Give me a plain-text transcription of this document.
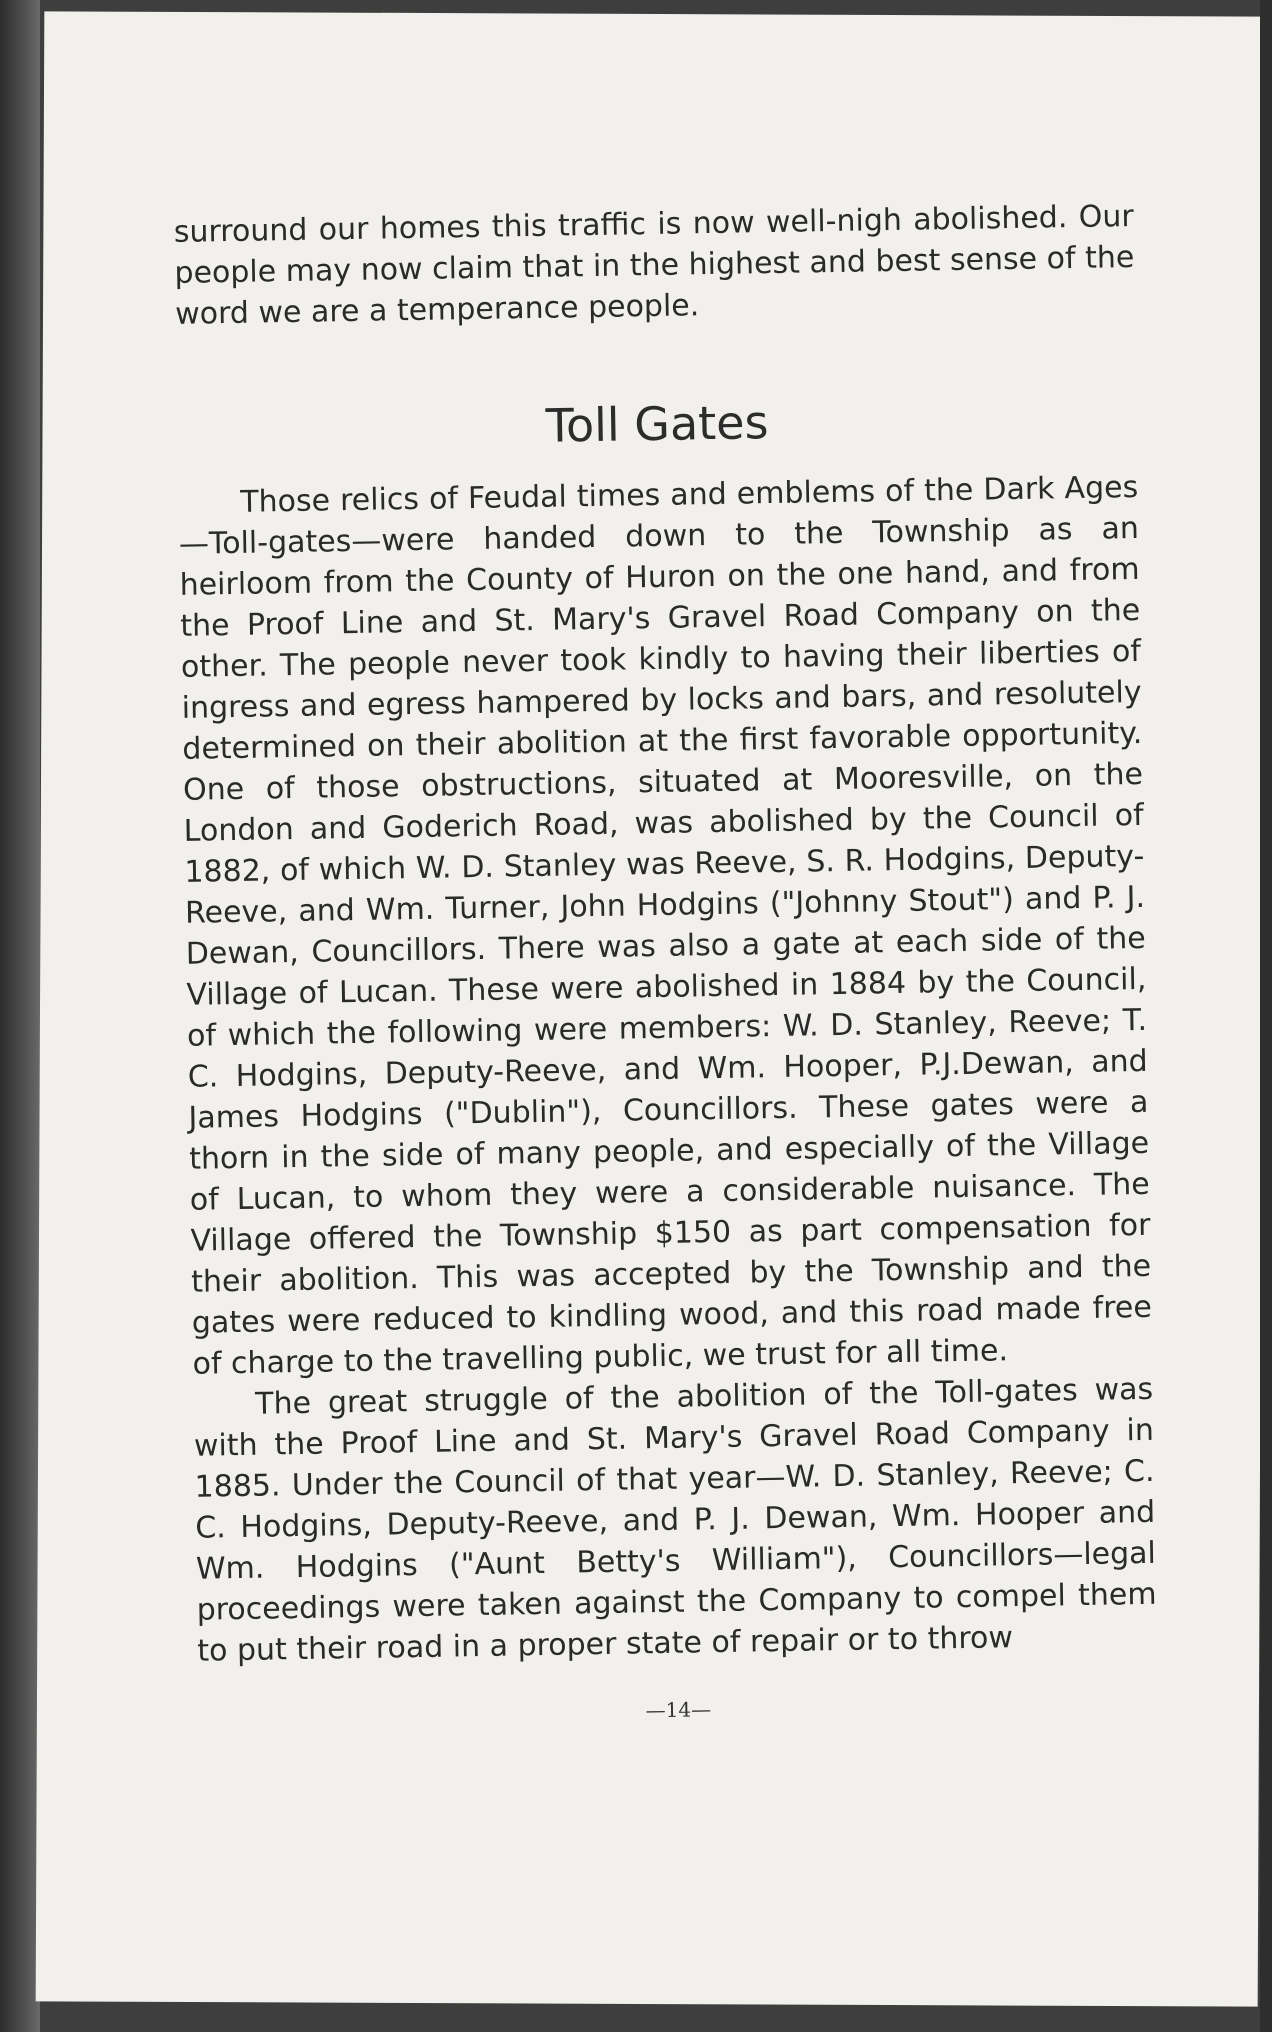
surround our homes this traffic is now well-nigh abolished. Our people may now claim that in the highest and best sense of the word we are a temperance people.

Toll Gates

Those relics of Feudal times and emblems of the Dark Ages—Toll-gates—were handed down to the Township as an heirloom from the County of Huron on the one hand, and from the Proof Line and St. Mary's Gravel Road Company on the other. The people never took kindly to having their liberties of ingress and egress hampered by locks and bars, and resolutely determined on their abolition at the first favorable opportunity. One of those obstructions, situated at Mooresville, on the London and Goderich Road, was abolished by the Council of 1882, of which W. D. Stanley was Reeve, S. R. Hodgins, Deputy-Reeve, and Wm. Turner, John Hodgins ("Johnny Stout") and P. J. Dewan, Councillors. There was also a gate at each side of the Village of Lucan. These were abolished in 1884 by the Council, of which the following were members: W. D. Stanley, Reeve; T. C. Hodgins, Deputy-Reeve, and Wm. Hooper, P.J.Dewan, and James Hodgins ("Dublin"), Councillors. These gates were a thorn in the side of many people, and especially of the Village of Lucan, to whom they were a considerable nuisance. The Village offered the Township $150 as part compensation for their abolition. This was accepted by the Township and the gates were reduced to kindling wood, and this road made free of charge to the travelling public, we trust for all time.

The great struggle of the abolition of the Toll-gates was with the Proof Line and St. Mary's Gravel Road Company in 1885. Under the Council of that year—W. D. Stanley, Reeve; C. C. Hodgins, Deputy-Reeve, and P. J. Dewan, Wm. Hooper and Wm. Hodgins ("Aunt Betty's William"), Councillors—legal proceedings were taken against the Company to compel them to put their road in a proper state of repair or to throw

—14—
